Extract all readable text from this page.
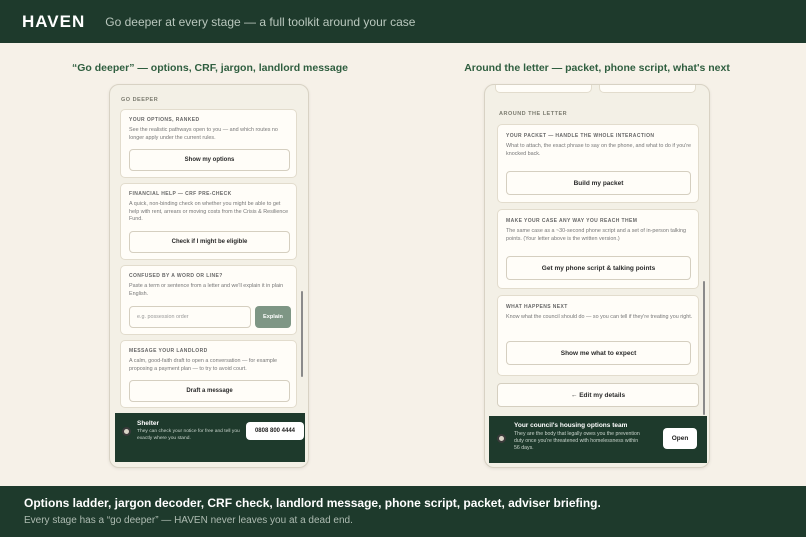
HAVEN Go deeper at every stage — a full toolkit around your case
“Go deeper” — options, CRF, jargon, landlord message	Around the letter — packet, phone script, what's next
GO DEEPER
YOUR OPTIONS, RANKED
See the realistic pathways open to you — and which routes no longer apply under the current rules.
Show my options
FINANCIAL HELP — CRF PRE-CHECK
A quick, non-binding check on whether you might be able to get help with rent, arrears or moving costs from the Crisis & Resilience Fund.
Check if I might be eligible
CONFUSED BY A WORD OR LINE?
Paste a term or sentence from a letter and we'll explain it in plain English.
e.g. possession order	Explain
MESSAGE YOUR LANDLORD
A calm, good-faith draft to open a conversation — for example proposing a payment plan — to try to avoid court.
Draft a message
Shelter
They can check your notice for free and tell you exactly where you stand.
0808 800 4444
AROUND THE LETTER
YOUR PACKET — HANDLE THE WHOLE INTERACTION
What to attach, the exact phrase to say on the phone, and what to do if you're knocked back.
Build my packet
MAKE YOUR CASE ANY WAY YOU REACH THEM
The same case as a ~30-second phone script and a set of in-person talking points. (Your letter above is the written version.)
Get my phone script & talking points
WHAT HAPPENS NEXT
Know what the council should do — so you can tell if they're treating you right.
Show me what to expect
← Edit my details
Your council's housing options team
They are the body that legally owes you the prevention duty once you're threatened with homelessness within 56 days.
Open
Options ladder, jargon decoder, CRF check, landlord message, phone script, packet, adviser briefing.
Every stage has a “go deeper” — HAVEN never leaves you at a dead end.
